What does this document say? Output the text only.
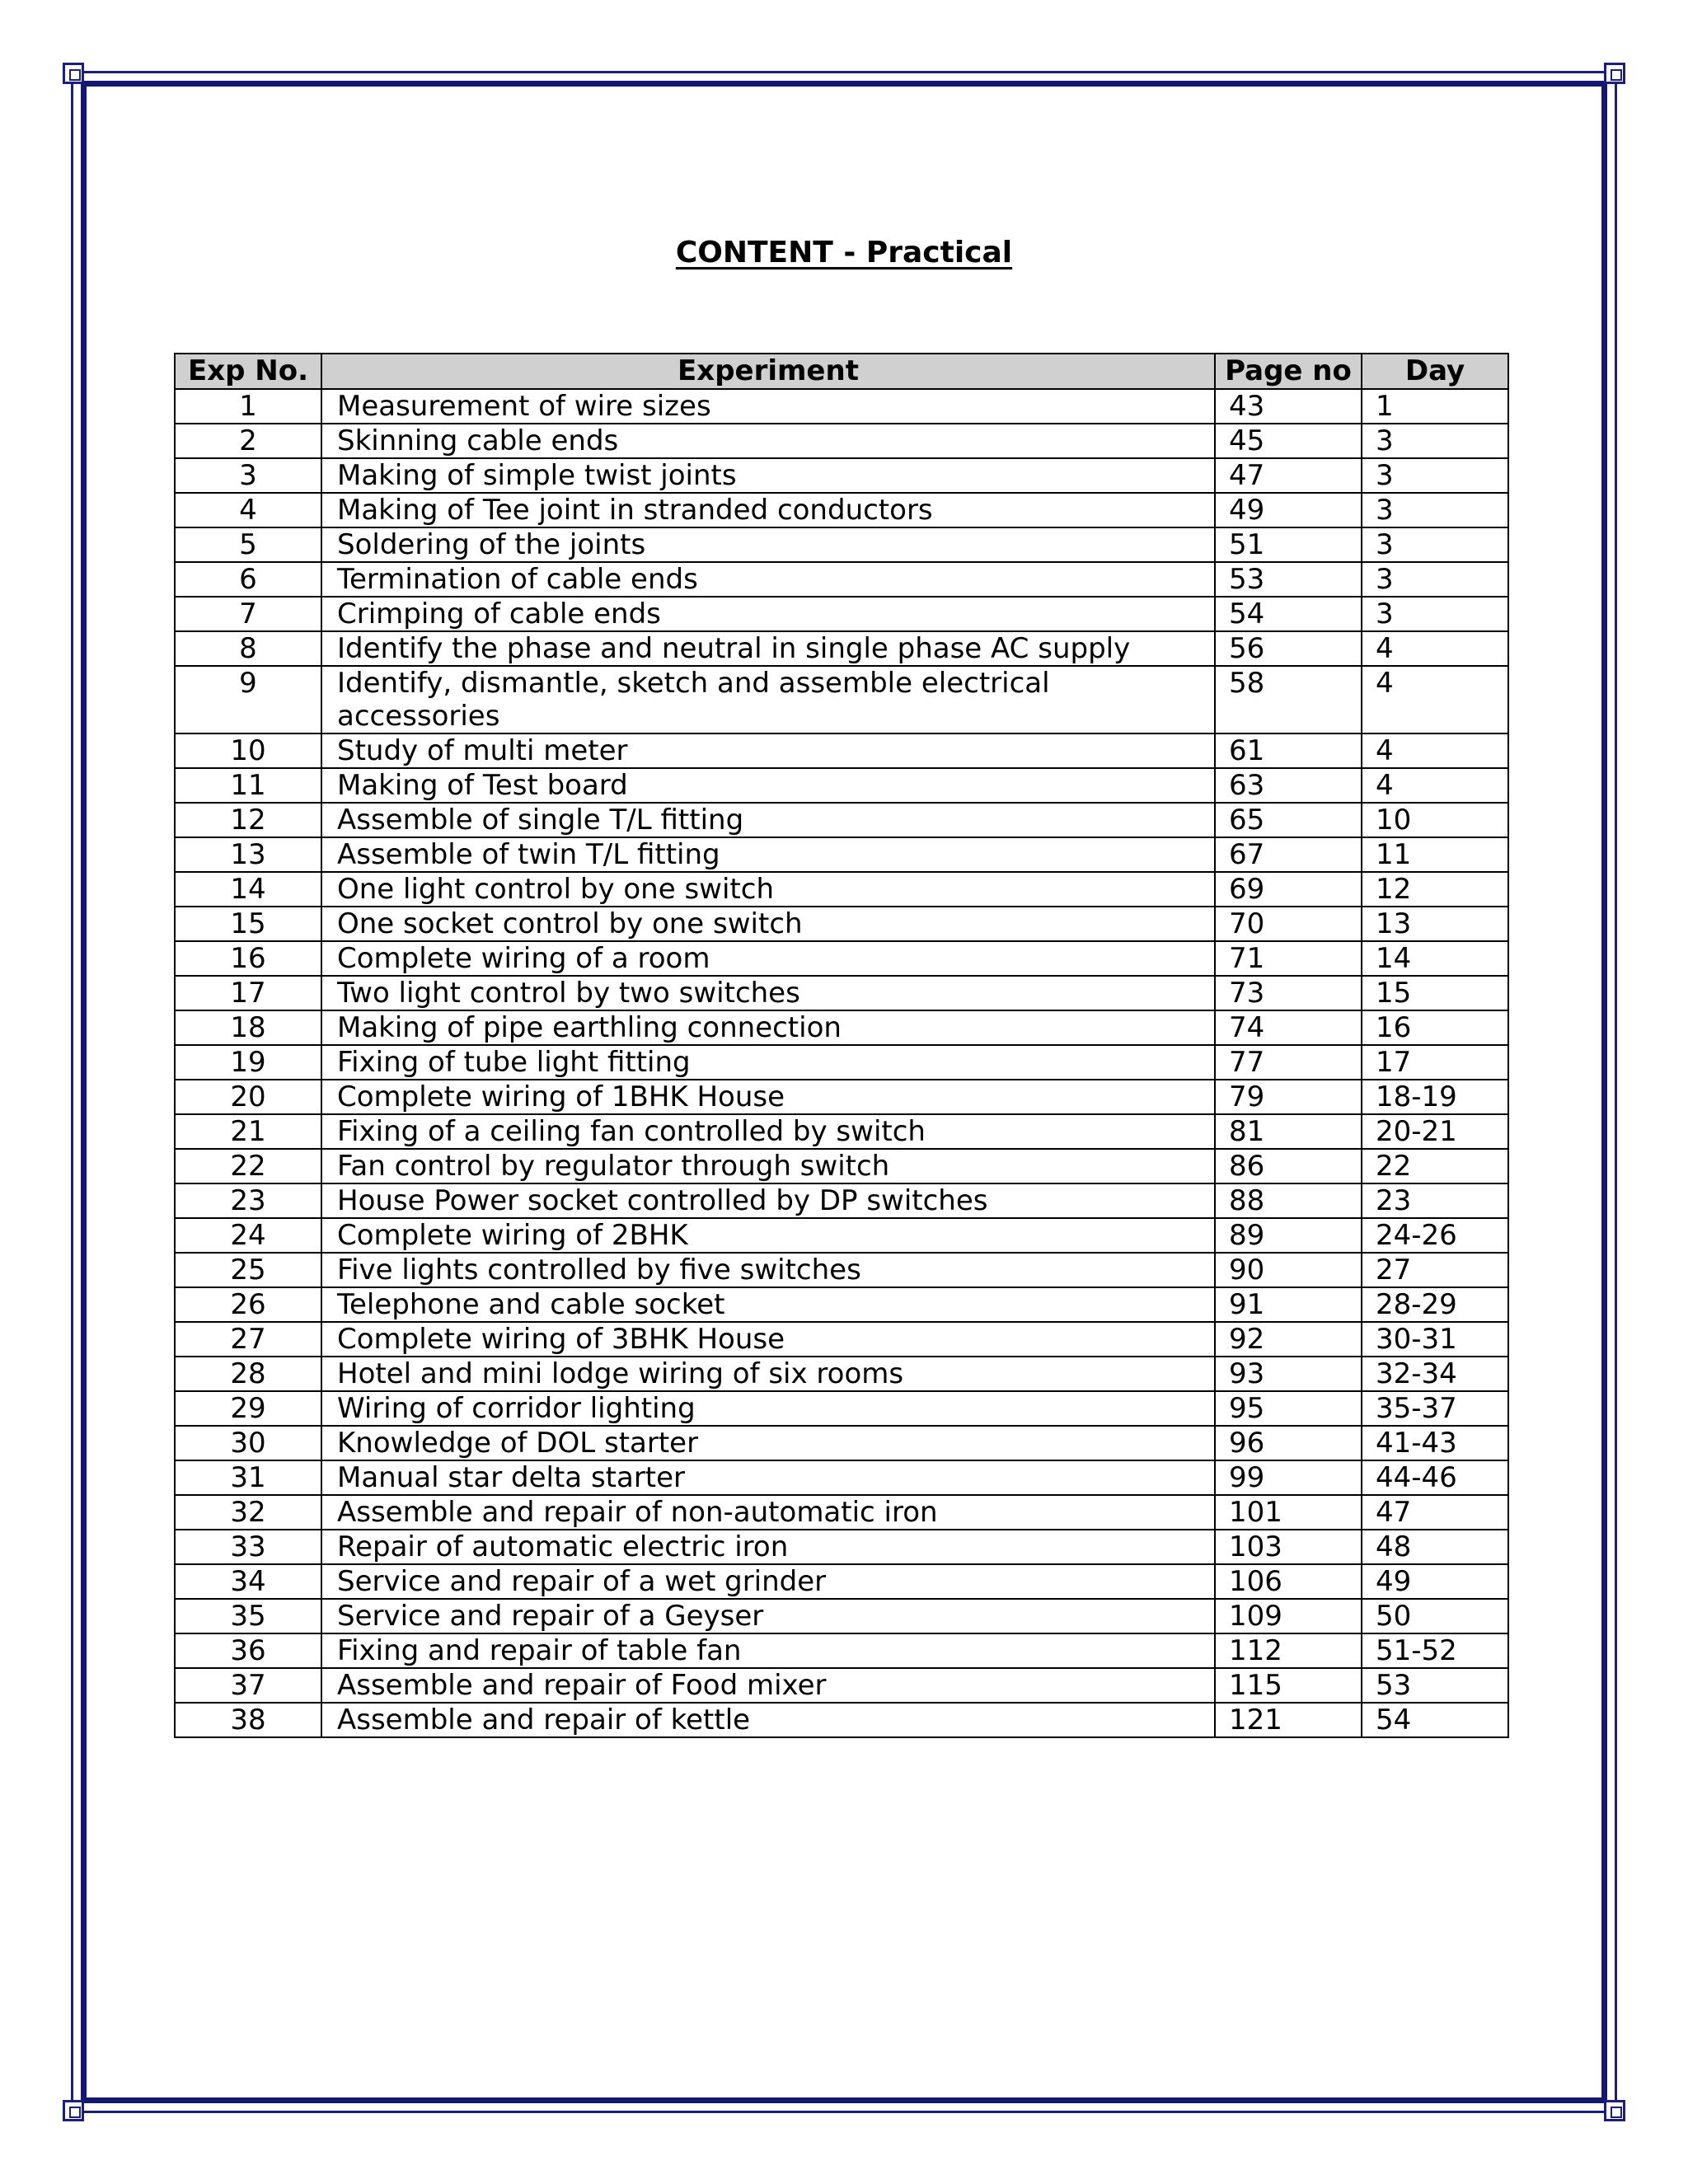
CONTENT - Practical
Exp No.	Experiment	Page no	Day
1	Measurement of wire sizes	43	1
2	Skinning cable ends	45	3
3	Making of simple twist joints	47	3
4	Making of Tee joint in stranded conductors	49	3
5	Soldering of the joints	51	3
6	Termination of cable ends	53	3
7	Crimping of cable ends	54	3
8	Identify the phase and neutral in single phase AC supply	56	4
9	Identify, dismantle, sketch and assemble electrical accessories	58	4
10	Study of multi meter	61	4
11	Making of Test board	63	4
12	Assemble of single T/L fitting	65	10
13	Assemble of twin T/L fitting	67	11
14	One light control by one switch	69	12
15	One socket control by one switch	70	13
16	Complete wiring of a room	71	14
17	Two light control by two switches	73	15
18	Making of pipe earthling connection	74	16
19	Fixing of tube light fitting	77	17
20	Complete wiring of 1BHK House	79	18-19
21	Fixing of a ceiling fan controlled by switch	81	20-21
22	Fan control by regulator through switch	86	22
23	House Power socket controlled by DP switches	88	23
24	Complete wiring of 2BHK	89	24-26
25	Five lights controlled by five switches	90	27
26	Telephone and cable socket	91	28-29
27	Complete wiring of 3BHK House	92	30-31
28	Hotel and mini lodge wiring of six rooms	93	32-34
29	Wiring of corridor lighting	95	35-37
30	Knowledge of DOL starter	96	41-43
31	Manual star delta starter	99	44-46
32	Assemble and repair of non-automatic iron	101	47
33	Repair of automatic electric iron	103	48
34	Service and repair of a wet grinder	106	49
35	Service and repair of a Geyser	109	50
36	Fixing and repair of table fan	112	51-52
37	Assemble and repair of Food mixer	115	53
38	Assemble and repair of kettle	121	54
